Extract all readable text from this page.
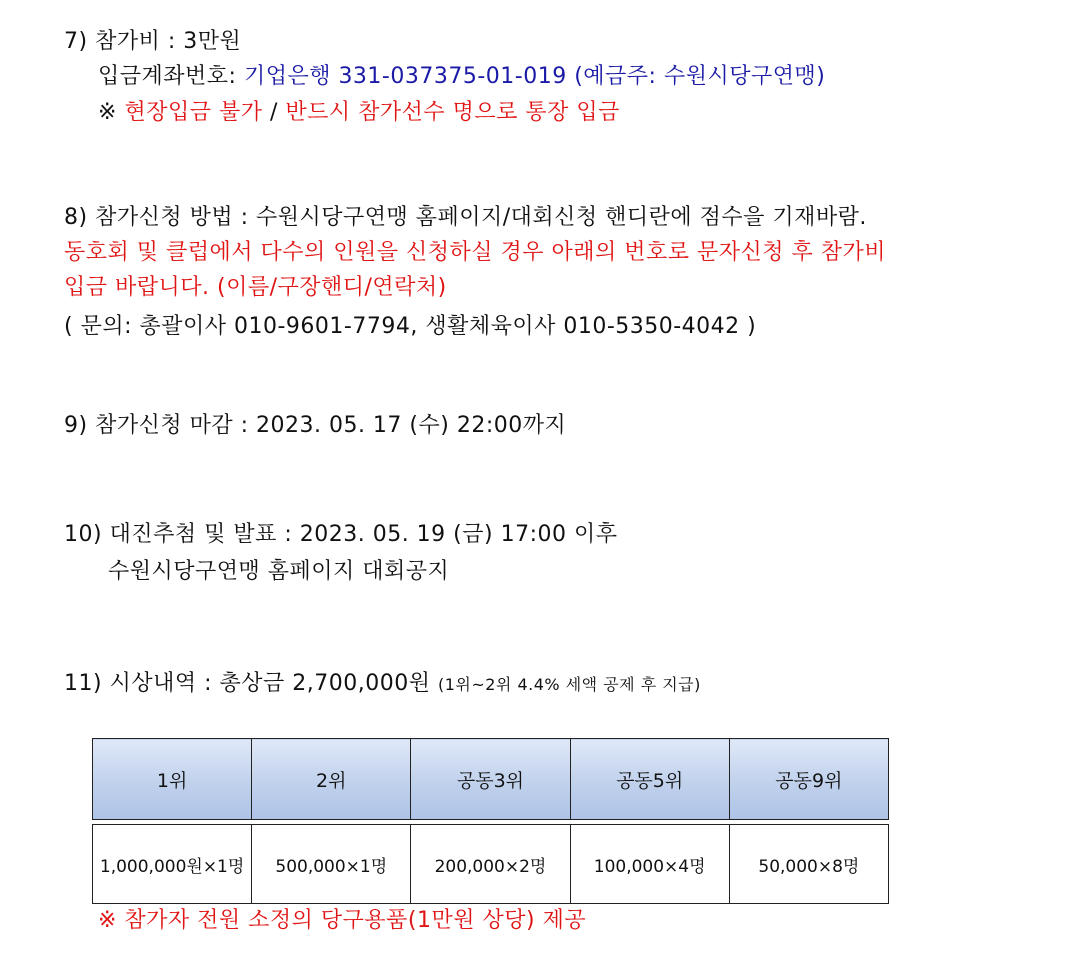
7) 참가비 : 3만원
입금계좌번호: 기업은행 331-037375-01-019 (예금주: 수원시당구연맹)
※ 현장입금 불가 / 반드시 참가선수 명으로 통장 입금
8) 참가신청 방법 : 수원시당구연맹 홈페이지/대회신청 핸디란에 점수을 기재바람.
동호회 및 클럽에서 다수의 인원을 신청하실 경우 아래의 번호로 문자신청 후 참가비
입금 바랍니다. (이름/구장핸디/연락처)
( 문의: 총괄이사 010-9601-7794, 생활체육이사 010-5350-4042 )
9) 참가신청 마감 : 2023. 05. 17 (수) 22:00까지
10) 대진추첨 및 발표 : 2023. 05. 19 (금) 17:00 이후
수원시당구연맹 홈페이지 대회공지
11) 시상내역 : 총상금 2,700,000원 (1위~2위 4.4% 세액 공제 후 지급)
1위	2위	공동3위	공동5위	공동9위

1,000,000원×1명	500,000×1명	200,000×2명	100,000×4명	50,000×8명
※ 참가자 전원 소정의 당구용품(1만원 상당) 제공
